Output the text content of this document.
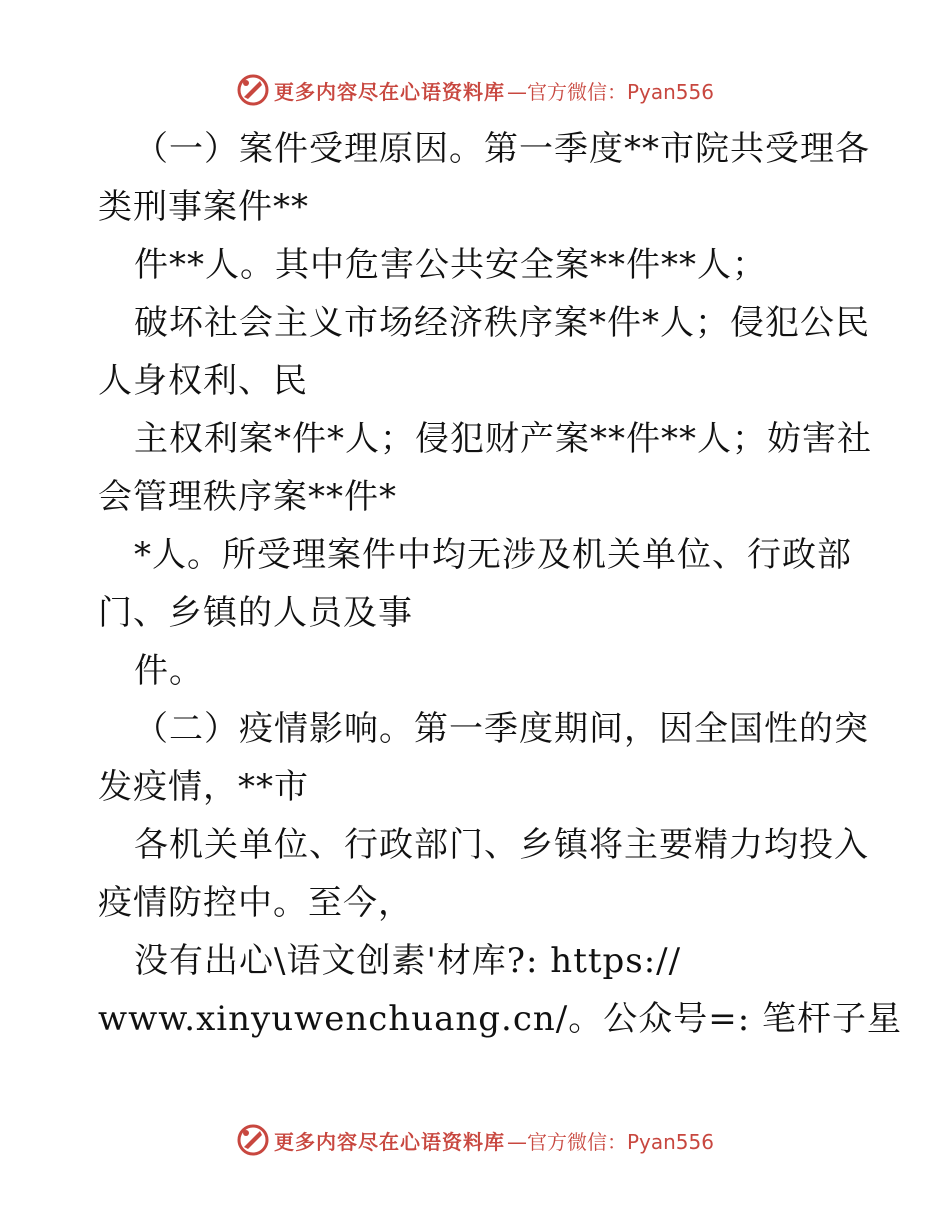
更多内容尽在心语资料库 —官方微信：Pyan556
（一）案件受理原因。第一季度**市院共受理各
类刑事案件**
件**人。其中危害公共安全案**件**人；
破坏社会主义市场经济秩序案*件*人；侵犯公民
人身权利、民
主权利案*件*人；侵犯财产案**件**人；妨害社
会管理秩序案**件*
*人。所受理案件中均无涉及机关单位、行政部
门、乡镇的人员及事
件。
（二）疫情影响。第一季度期间，因全国性的突
发疫情，**市
各机关单位、行政部门、乡镇将主要精力均投入
疫情防控中。至今，
没有出心\语文创素'材库?: https://
www.xinyuwenchuang.cn/。公众号=: 笔杆子星
更多内容尽在心语资料库 —官方微信：Pyan556
